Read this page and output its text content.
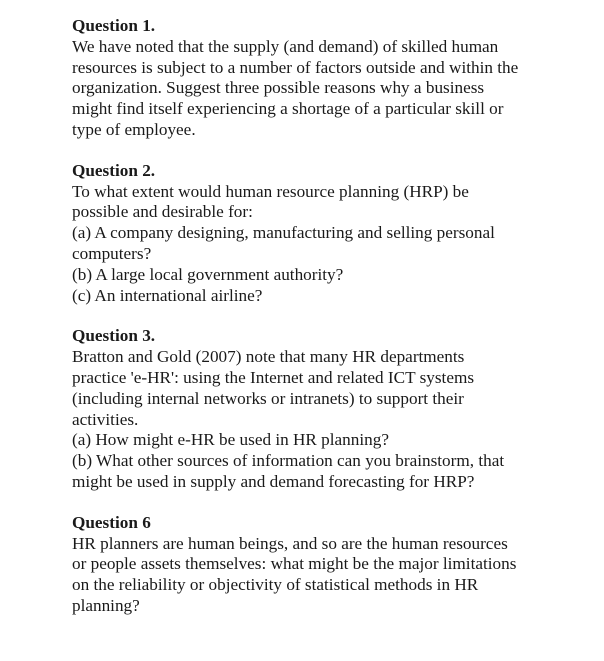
Question 1.

We have noted that the supply (and demand) of skilled human

resources is subject to a number of factors outside and within the

organization. Suggest three possible reasons why a business

might find itself experiencing a shortage of a particular skill or

type of employee.

Question 2.

To what extent would human resource planning (HRP) be

possible and desirable for:

(a) A company designing, manufacturing and selling personal

computers?

(b) A large local government authority?

(c) An international airline?

Question 3.

Bratton and Gold (2007) note that many HR departments

practice 'e-HR': using the Internet and related ICT systems

(including internal networks or intranets) to support their

activities.

(a) How might e-HR be used in HR planning?

(b) What other sources of information can you brainstorm, that

might be used in supply and demand forecasting for HRP?

Question 6

HR planners are human beings, and so are the human resources

or people assets themselves: what might be the major limitations

on the reliability or objectivity of statistical methods in HR

planning?
